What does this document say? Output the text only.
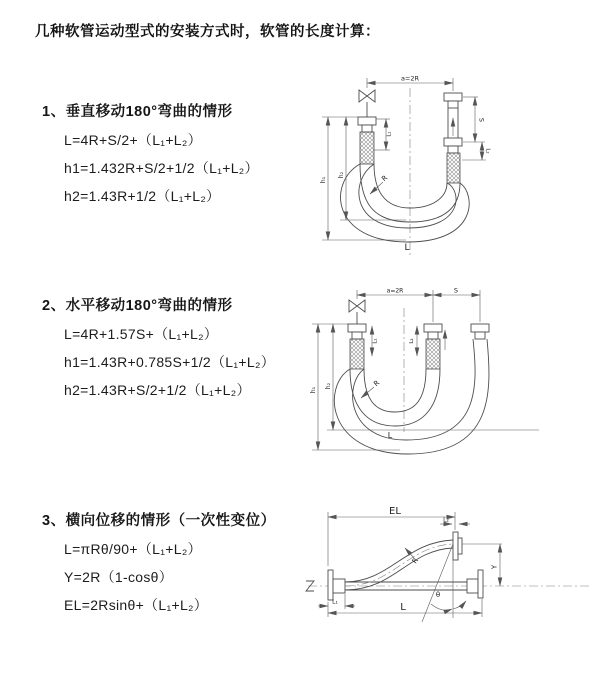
几种软管运动型式的安装方式时，软管的长度计算：
1、垂直移动180°弯曲的情形
L=4R+S/2+（L₁+L₂）
h1=1.432R+S/2+1/2（L₁+L₂）
h2=1.43R+1/2（L₁+L₂）
a=2R
h₁
h₂
L₁
S
L₂
R
L
2、水平移动180°弯曲的情形
L=4R+1.57S+（L₁+L₂）
h1=1.43R+0.785S+1/2（L₁+L₂）
h2=1.43R+S/2+1/2（L₁+L₂）
a=2R	S
h₁
h₂
L₁	L₂
R
L
3、横向位移的情形（一次性变位）
L=πRθ/90+（L₁+L₂）
Y=2R（1-cosθ）
EL=2Rsinθ+（L₁+L₂）
EL
L₂
Y
θ
R
L₁	L
